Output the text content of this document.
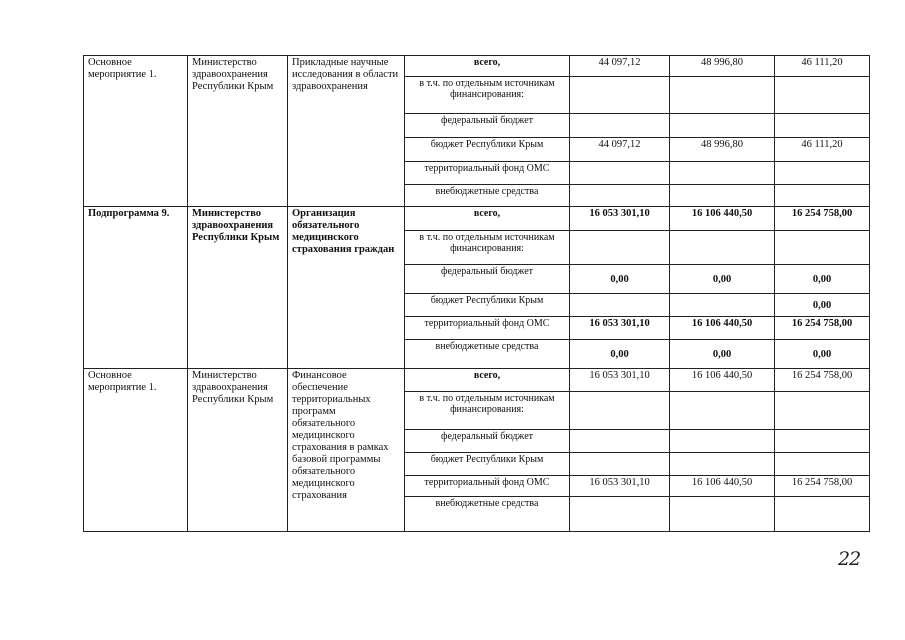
Основное мероприятие 1.	Министерство здравоохранения Республики Крым	Прикладные научные исследования в области здравоохранения	всего,	44 097,12	48 996,80	46 111,20
			в т.ч. по отдельным источникам финансирования:			
			федеральный бюджет			
			бюджет Республики Крым	44 097,12	48 996,80	46 111,20
			территориальный фонд ОМС			
			внебюджетные средства			
Подпрограмма 9.	Министерство здравоохранения Республики Крым	Организация обязательного медицинского страхования граждан	всего,	16 053 301,10	16 106 440,50	16 254 758,00
			в т.ч. по отдельным источникам финансирования:			
			федеральный бюджет	0,00	0,00	0,00
			бюджет Республики Крым			0,00
			территориальный фонд ОМС	16 053 301,10	16 106 440,50	16 254 758,00
			внебюджетные средства	0,00	0,00	0,00
Основное мероприятие 1.	Министерство здравоохранения Республики Крым	Финансовое обеспечение территориальных программ обязательного медицинского страхования в рамках базовой программы обязательного медицинского страхования	всего,	16 053 301,10	16 106 440,50	16 254 758,00
			в т.ч. по отдельным источникам финансирования:			
			федеральный бюджет			
			бюджет Республики Крым			
			территориальный фонд ОМС	16 053 301,10	16 106 440,50	16 254 758,00
			внебюджетные средства			
22
